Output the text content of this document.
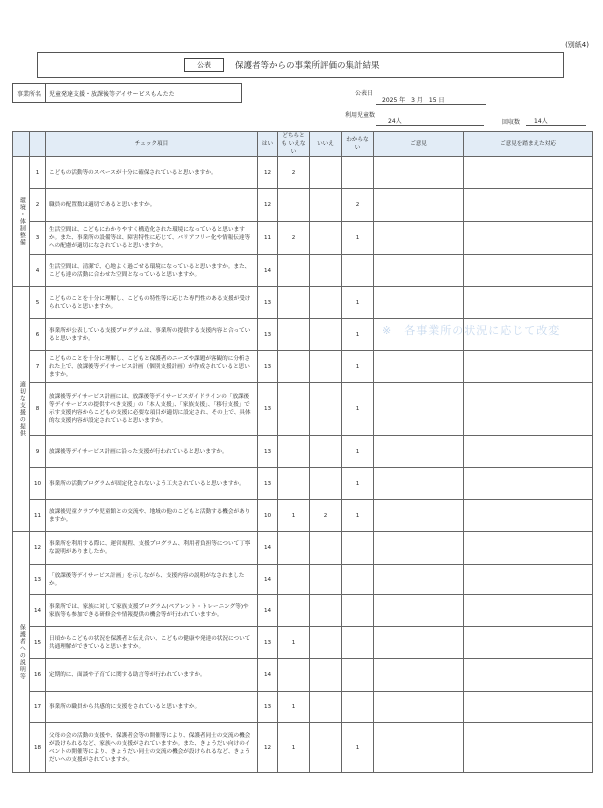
(別紙4)
公表	保護者等からの事業所評価の集計結果
事業所名	児童発達支援・放課後等デイサービスもんたた	公表日
2025 年　3 月　15 日
利用児童数
24人	回収数	14人
		チェック項目	はい	どちらとも いえない	いいえ	わからない	ご意見	ご意見を踏まえた対応

環境・体制整備	1	こどもの活動等のスペースが十分に確保されていると思いますか。	12	2				
	2	職員の配置数は適切であると思いますか。	12			2		
	3	生活空間は、こどもにわかりやすく構造化された環境になっていると思いますか。また、事業所の設備等は、障害特性に応じて、バリアフリー化や情報伝達等への配慮が適切になされていると思いますか。	11	2		1		
	4	生活空間は、清潔で、心地よく過ごせる環境になっていると思いますか。また、こども達の活動に合わせた空間となっていると思いますか。	14					

適切な支援の提供	5	こどものことを十分に理解し、こどもの特性等に応じた専門性のある支援が受けられていると思いますか。	13			1		
	6	事業所が公表している支援プログラムは、事業所の提供する支援内容と合っていると思いますか。	13			1		
	7	こどものことを十分に理解し、こどもと保護者のニーズや課題が客観的に分析された上で、放課後等デイサービス計画（個別支援計画）が作成されていると思いますか。	13			1		
	8	放課後等デイサービス計画には、放課後等デイサービスガイドラインの「放課後等デイサービスの提供すべき支援」の「本人支援」、「家族支援」、「移行支援」で示す支援内容からこどもの支援に必要な項目が適切に設定され、その上で、具体的な支援内容が設定されていると思いますか。	13			1		
	9	放課後等デイサービス計画に沿った支援が行われていると思いますか。	13			1		
	10	事業所の活動プログラムが固定化されないよう工夫されていると思いますか。	13			1		
	11	放課後児童クラブや児童館との交流や、地域の他のこどもと活動する機会がありますか。	10	1	2	1		

保護者への説明等	12	事業所を利用する際に、運営規程、支援プログラム、利用者負担等について丁寧な説明がありましたか。	14					
	13	「放課後等デイサービス計画」を示しながら、支援内容の説明がなされましたか。	14					
	14	事業所では、家族に対して家族支援プログラム(ペアレント・トレーニング等)や家族等も参加できる研修会や情報提供の機会等が行われていますか。	14					
	15	日頃からこどもの状況を保護者と伝え合い、こどもの健康や発達の状況について共通理解ができていると思いますか。	13	1				
	16	定期的に、面談や子育てに関する助言等が行われていますか。	14					
	17	事業所の職員から共感的に支援をされていると思いますか。	13	1				
	18	父母の会の活動の支援や、保護者会等の開催等により、保護者同士の交流の機会が設けられるなど、家族への支援がされていますか。また、きょうだい向けのイベントの開催等により、きょうだい同士の交流の機会が設けられるなど、きょうだいへの支援がされていますか。	12	1		1		
※　各事業所の状況に応じて改変
